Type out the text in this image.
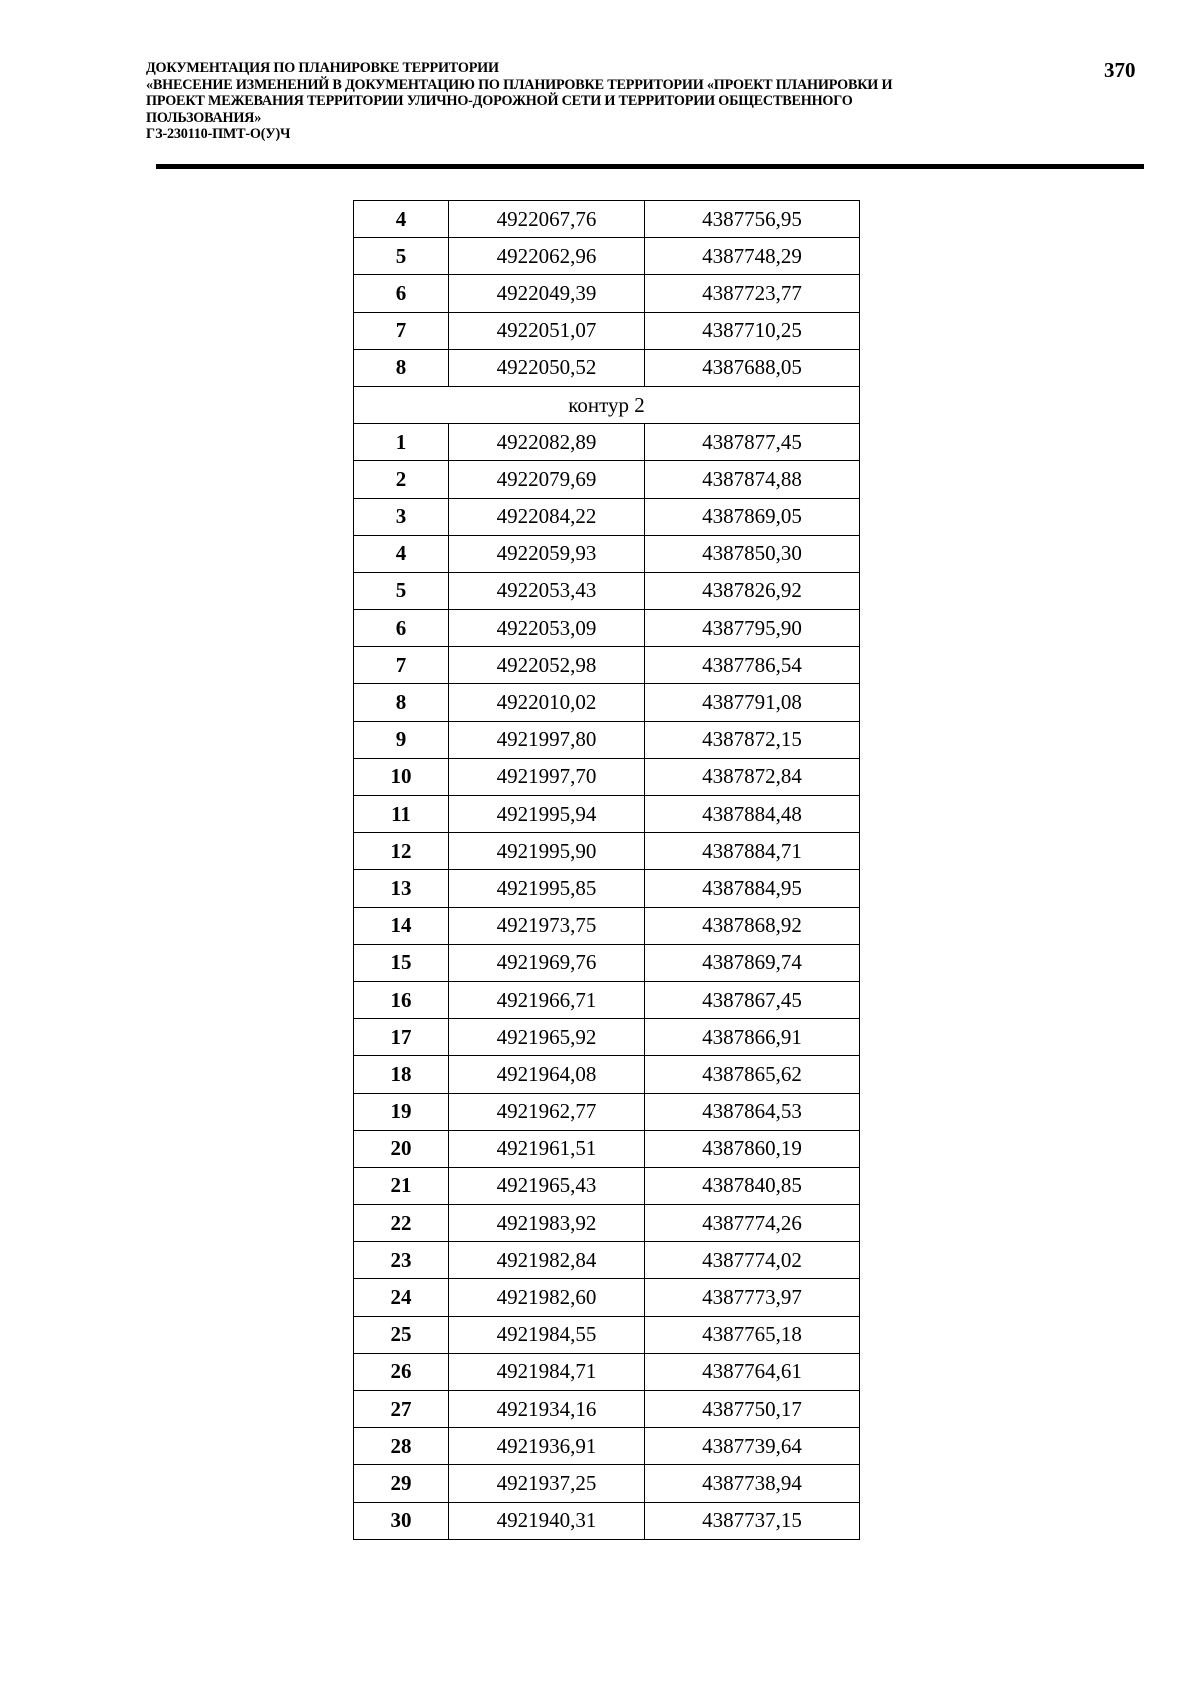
ДОКУМЕНТАЦИЯ ПО ПЛАНИРОВКЕ ТЕРРИТОРИИ
«ВНЕСЕНИЕ ИЗМЕНЕНИЙ В ДОКУМЕНТАЦИЮ ПО ПЛАНИРОВКЕ ТЕРРИТОРИИ «ПРОЕКТ ПЛАНИРОВКИ И
ПРОЕКТ МЕЖЕВАНИЯ ТЕРРИТОРИИ УЛИЧНО-ДОРОЖНОЙ СЕТИ И ТЕРРИТОРИИ ОБЩЕСТВЕННОГО
ПОЛЬЗОВАНИЯ»
ГЗ-230110-ПМТ-О(У)Ч
370
4	4922067,76	4387756,95
5	4922062,96	4387748,29
6	4922049,39	4387723,77
7	4922051,07	4387710,25
8	4922050,52	4387688,05
контур 2		
1	4922082,89	4387877,45
2	4922079,69	4387874,88
3	4922084,22	4387869,05
4	4922059,93	4387850,30
5	4922053,43	4387826,92
6	4922053,09	4387795,90
7	4922052,98	4387786,54
8	4922010,02	4387791,08
9	4921997,80	4387872,15
10	4921997,70	4387872,84
11	4921995,94	4387884,48
12	4921995,90	4387884,71
13	4921995,85	4387884,95
14	4921973,75	4387868,92
15	4921969,76	4387869,74
16	4921966,71	4387867,45
17	4921965,92	4387866,91
18	4921964,08	4387865,62
19	4921962,77	4387864,53
20	4921961,51	4387860,19
21	4921965,43	4387840,85
22	4921983,92	4387774,26
23	4921982,84	4387774,02
24	4921982,60	4387773,97
25	4921984,55	4387765,18
26	4921984,71	4387764,61
27	4921934,16	4387750,17
28	4921936,91	4387739,64
29	4921937,25	4387738,94
30	4921940,31	4387737,15
